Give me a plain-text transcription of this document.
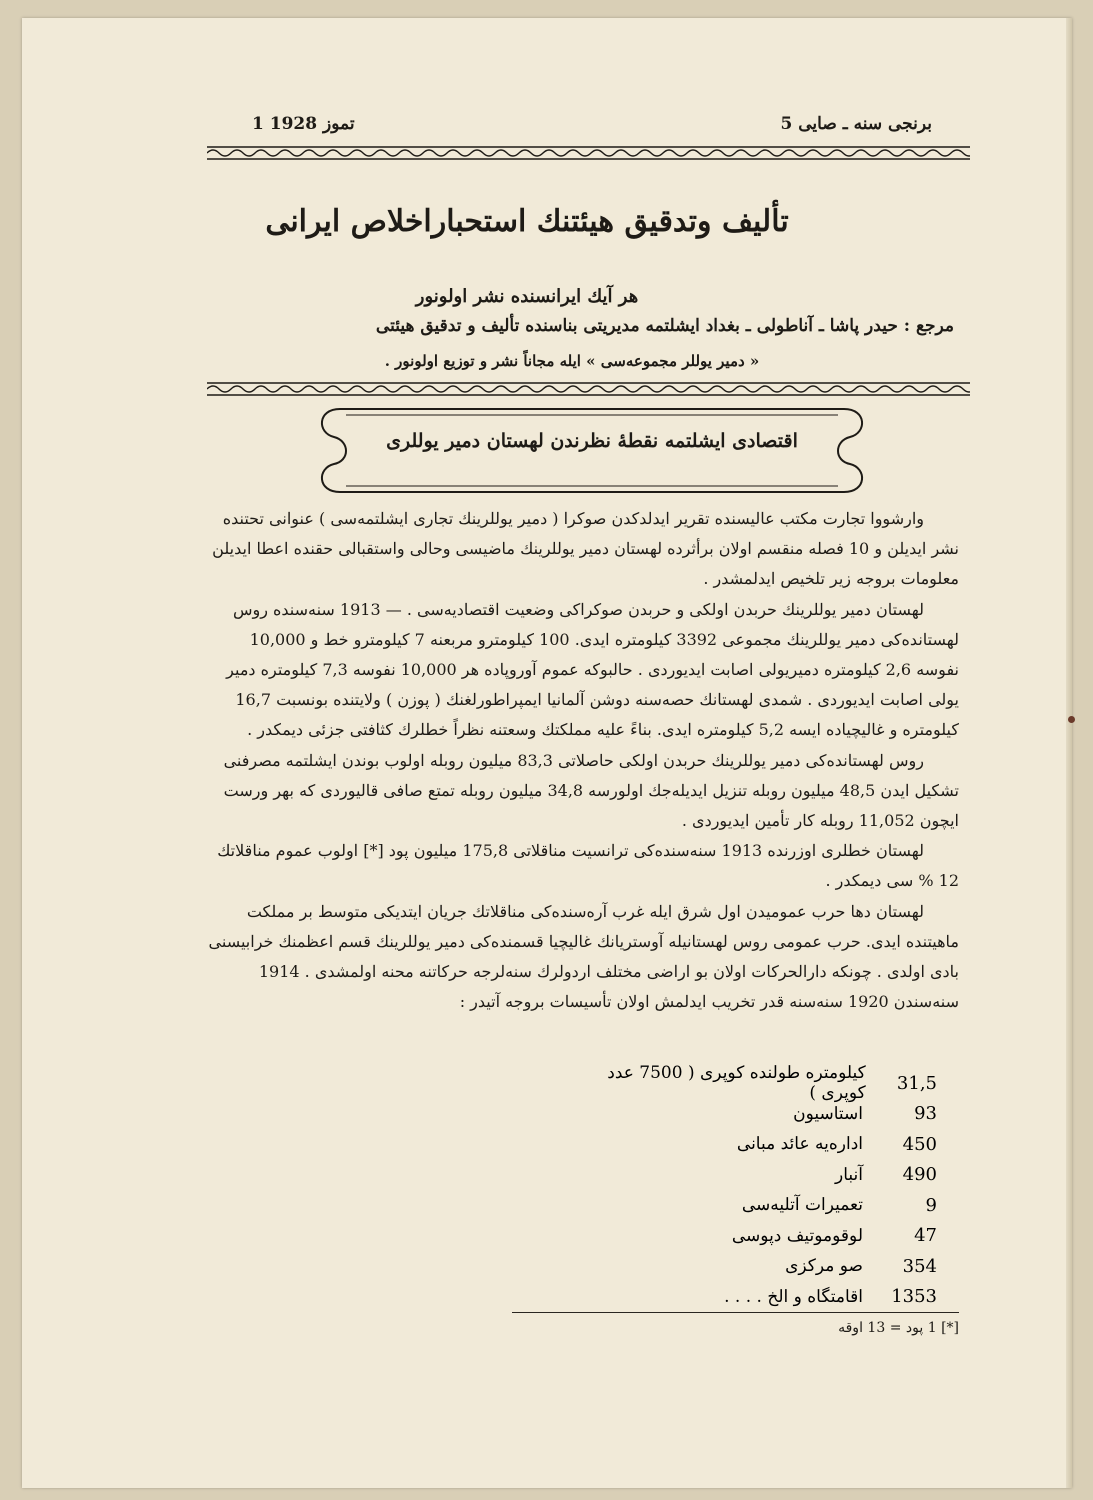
1 تموز 1928	برنجی سنه ـ صایی 5
تألیف وتدقیق هیئتنك استحباراخلاص ایرانی
هر آیك ایرانسنده نشر اولونور
مرجع : حیدر پاشا ـ آناطولی ـ بغداد ایشلتمه مدیریتی بناسنده تألیف و تدقیق هیئتی
« دمیر یوللر مجموعه‌سی » ایله مجاناً نشر و توزیع اولونور .
اقتصادی ایشلتمه نقطهٔ نظرندن لهستان دمیر یوللری

وارشووا تجارت مکتب عالیسنده تقریر ایدلدکدن صوکرا ( دمیر یوللرینك تجاری ایشلتمه‌سی ) عنوانی تحتنده نشر ایدیلن و 10 فصله منقسم اولان برأثرده لهستان دمیر یوللرینك ماضیسی وحالی واستقبالی حقنده اعطا ایدیلن معلومات بروجه زیر تلخیص ایدلمشدر .

لهستان دمیر یوللرینك حربدن اولکی و حربدن صوکراکی وضعیت اقتصادیه‌سی . — 1913 سنه‌سنده روس لهستانده‌کی دمیر یوللرینك مجموعی 3392 کیلومتره ایدی. 100 کیلومترو مربعنه 7 کیلومترو خط و 10,000 نفوسه 2,6 کیلومتره دمیریولی اصابت ایدیوردی . حالبوکه عموم آوروپاده هر 10,000 نفوسه 7,3 کیلومتره دمیر یولی اصابت ایدیوردی . شمدی لهستانك حصه‌سنه دوشن آلمانیا ایمپراطورلغنك ( پوزن ) ولایتنده بونسبت 16,7 کیلومتره و غالیچیاده ایسه 5,2 کیلومتره ایدی. بناءً علیه مملکتك وسعتنه نظراً خطلرك کثافتی جزئی دیمکدر .

روس لهستانده‌کی دمیر یوللرینك حربدن اولکی حاصلاتی 83,3 میلیون روبله اولوب بوندن ایشلتمه مصرفنی تشکیل ایدن 48,5 میلیون روبله تنزیل ایدیله‌جك اولورسه 34,8 میلیون روبله تمتع صافی قالیوردی که بهر ورست ایچون 11,052 روبله کار تأمین ایدیوردی .

لهستان خطلری اوزرنده 1913 سنه‌سنده‌کی ترانسیت مناقلاتی 175,8 میلیون پود [*] اولوب عموم مناقلاتك 12 % سی دیمکدر .

لهستان دها حرب عمومیدن اول شرق ایله غرب آره‌سنده‌کی مناقلاتك جریان ایتدیکی متوسط بر مملکت ماهیتنده ایدی. حرب عمومی روس لهستانیله آوستریانك غالیچیا قسمنده‌کی دمیر یوللرینك قسم اعظمنك خرابیسنی بادی اولدی . چونکه دارالحرکات اولان بو اراضی مختلف اردولرك سنه‌لرجه حرکاتنه محنه اولمشدی . 1914 سنه‌سندن 1920 سنه‌سنه قدر تخریب ایدلمش اولان تأسیسات بروجه آتیدر :

31,5
کیلومتره طولنده کوپری ( 7500 عدد کوپری )
93
استاسیون
450
اداره‌یه عائد مبانی
490
آنبار
9
تعمیرات آتلیه‌سی
47
لوقوموتیف دپوسی
354
صو مرکزی
1353
اقامتگاه و الخ . . . .
[*] 1 پود = 13 اوقه
